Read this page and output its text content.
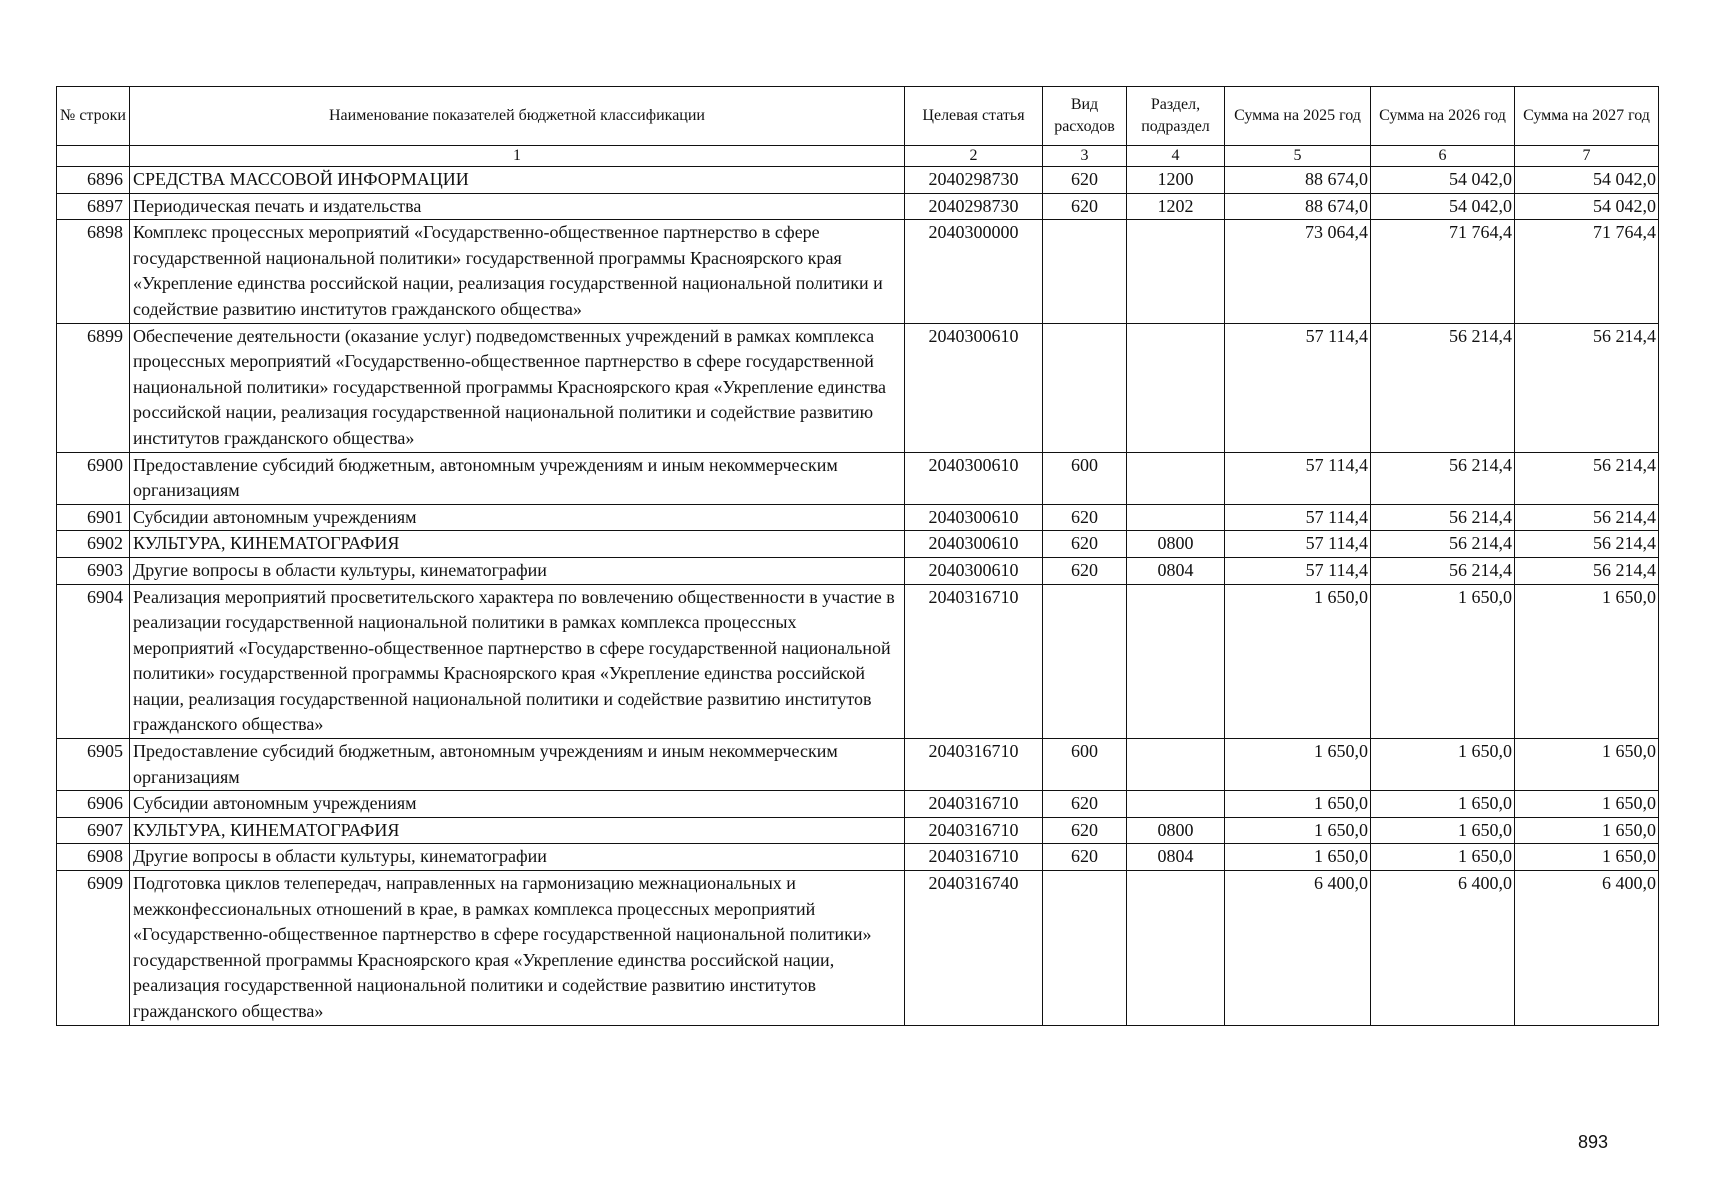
№ строки	Наименование показателей бюджетной классификации	Целевая статья	Вид расходов	Раздел, подраздел	Сумма на 2025 год	Сумма на 2026 год	Сумма на 2027 год
	1	2	3	4	5	6	7
6896	СРЕДСТВА МАССОВОЙ ИНФОРМАЦИИ	2040298730	620	1200	88 674,0	54 042,0	54 042,0
6897	Периодическая печать и издательства	2040298730	620	1202	88 674,0	54 042,0	54 042,0
6898	Комплекс процессных мероприятий «Государственно-общественное партнерство в сфере государственной национальной политики» государственной программы Красноярского края «Укрепление единства российской нации, реализация государственной национальной политики и содействие развитию институтов гражданского общества»	2040300000			73 064,4	71 764,4	71 764,4
6899	Обеспечение деятельности (оказание услуг) подведомственных учреждений в рамках комплекса процессных мероприятий «Государственно-общественное партнерство в сфере государственной национальной политики» государственной программы Красноярского края «Укрепление единства российской нации, реализация государственной национальной политики и содействие развитию институтов гражданского общества»	2040300610			57 114,4	56 214,4	56 214,4
6900	Предоставление субсидий бюджетным, автономным учреждениям и иным некоммерческим организациям	2040300610	600		57 114,4	56 214,4	56 214,4
6901	Субсидии автономным учреждениям	2040300610	620		57 114,4	56 214,4	56 214,4
6902	КУЛЬТУРА, КИНЕМАТОГРАФИЯ	2040300610	620	0800	57 114,4	56 214,4	56 214,4
6903	Другие вопросы в области культуры, кинематографии	2040300610	620	0804	57 114,4	56 214,4	56 214,4
6904	Реализация мероприятий просветительского характера по вовлечению общественности в участие в реализации государственной национальной политики в рамках комплекса процессных мероприятий «Государственно-общественное партнерство в сфере государственной национальной политики» государственной программы Красноярского края «Укрепление единства российской нации, реализация государственной национальной политики и содействие развитию институтов гражданского общества»	2040316710			1 650,0	1 650,0	1 650,0
6905	Предоставление субсидий бюджетным, автономным учреждениям и иным некоммерческим организациям	2040316710	600		1 650,0	1 650,0	1 650,0
6906	Субсидии автономным учреждениям	2040316710	620		1 650,0	1 650,0	1 650,0
6907	КУЛЬТУРА, КИНЕМАТОГРАФИЯ	2040316710	620	0800	1 650,0	1 650,0	1 650,0
6908	Другие вопросы в области культуры, кинематографии	2040316710	620	0804	1 650,0	1 650,0	1 650,0
6909	Подготовка циклов телепередач, направленных на гармонизацию межнациональных и межконфессиональных отношений в крае, в рамках комплекса процессных мероприятий «Государственно-общественное партнерство в сфере государственной национальной политики» государственной программы Красноярского края «Укрепление единства российской нации, реализация государственной национальной политики и содействие развитию институтов гражданского общества»	2040316740			6 400,0	6 400,0	6 400,0
893
